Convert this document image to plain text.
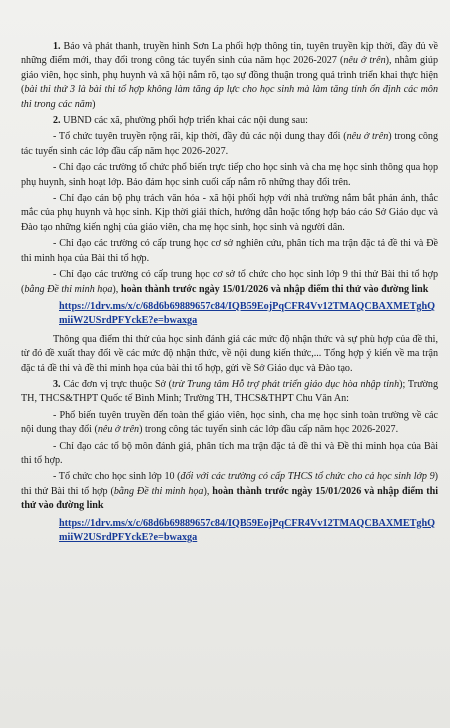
1. Báo và phát thanh, truyền hình Sơn La phối hợp thông tin, tuyên truyền kịp thời, đầy đủ về những điểm mới, thay đổi trong công tác tuyển sinh của năm học 2026-2027 (nêu ở trên), nhằm giúp giáo viên, học sinh, phụ huynh và xã hội nắm rõ, tạo sự đồng thuận trong quá trình triển khai thực hiện (bài thi thứ 3 là bài thi tổ hợp không làm tăng áp lực cho học sinh mà làm tăng tính ổn định các môn thi trong các năm)

2. UBND các xã, phường phối hợp triển khai các nội dung sau:

- Tổ chức tuyên truyền rộng rãi, kịp thời, đầy đủ các nội dung thay đổi (nêu ở trên) trong công tác tuyển sinh các lớp đầu cấp năm học 2026-2027.

- Chỉ đạo các trường tổ chức phổ biến trực tiếp cho học sinh và cha mẹ học sinh thông qua họp phụ huynh, sinh hoạt lớp. Bảo đảm học sinh cuối cấp nắm rõ những thay đổi trên.

- Chỉ đạo cán bộ phụ trách văn hóa - xã hội phối hợp với nhà trường nắm bắt phản ánh, thắc mắc của phụ huynh và học sinh. Kịp thời giải thích, hướng dẫn hoặc tổng hợp báo cáo Sở Giáo dục và Đào tạo những kiến nghị của giáo viên, cha mẹ học sinh, học sinh và người dân.

- Chỉ đạo các trường có cấp trung học cơ sở nghiên cứu, phân tích ma trận đặc tả đề thi và Đề thi minh họa của Bài thi tổ hợp.

- Chỉ đạo các trường có cấp trung học cơ sở tổ chức cho học sinh lớp 9 thi thử Bài thi tổ hợp (bằng Đề thi minh họa), hoàn thành trước ngày 15/01/2026 và nhập điểm thi thử vào đường link

https://1drv.ms/x/c/68d6b69889657c84/IQB59EojPqCFR4Vv12TMAQCBAXMETghQmiiW2USrdPFYckE?e=bwaxga

Thông qua điểm thi thử của học sinh đánh giá các mức độ nhận thức và sự phù hợp của đề thi, từ đó đề xuất thay đổi về các mức độ nhận thức, về nội dung kiến thức,... Tổng hợp ý kiến về ma trận đặc tả đề thi và đề thi minh họa của bài thi tổ hợp, gửi về Sở Giáo dục và Đào tạo.

3. Các đơn vị trực thuộc Sở (trừ Trung tâm Hỗ trợ phát triển giáo dục hòa nhập tỉnh); Trường TH, THCS&THPT Quốc tế Bình Minh; Trường TH, THCS&THPT Chu Văn An:

- Phổ biến tuyên truyền đến toàn thể giáo viên, học sinh, cha mẹ học sinh toàn trường về các nội dung thay đổi (nêu ở trên) trong công tác tuyển sinh các lớp đầu cấp năm học 2026-2027.

- Chỉ đạo các tổ bộ môn đánh giá, phân tích ma trận đặc tả đề thi và Đề thi minh họa của Bài thi tổ hợp.

- Tổ chức cho học sinh lớp 10 (đối với các trường có cấp THCS tổ chức cho cả học sinh lớp 9) thi thử Bài thi tổ hợp (bằng Đề thi minh họa), hoàn thành trước ngày 15/01/2026 và nhập điểm thi thử vào đường link

https://1drv.ms/x/c/68d6b69889657c84/IQB59EojPqCFR4Vv12TMAQCBAXMETghQmiiW2USrdPFYckE?e=bwaxga
